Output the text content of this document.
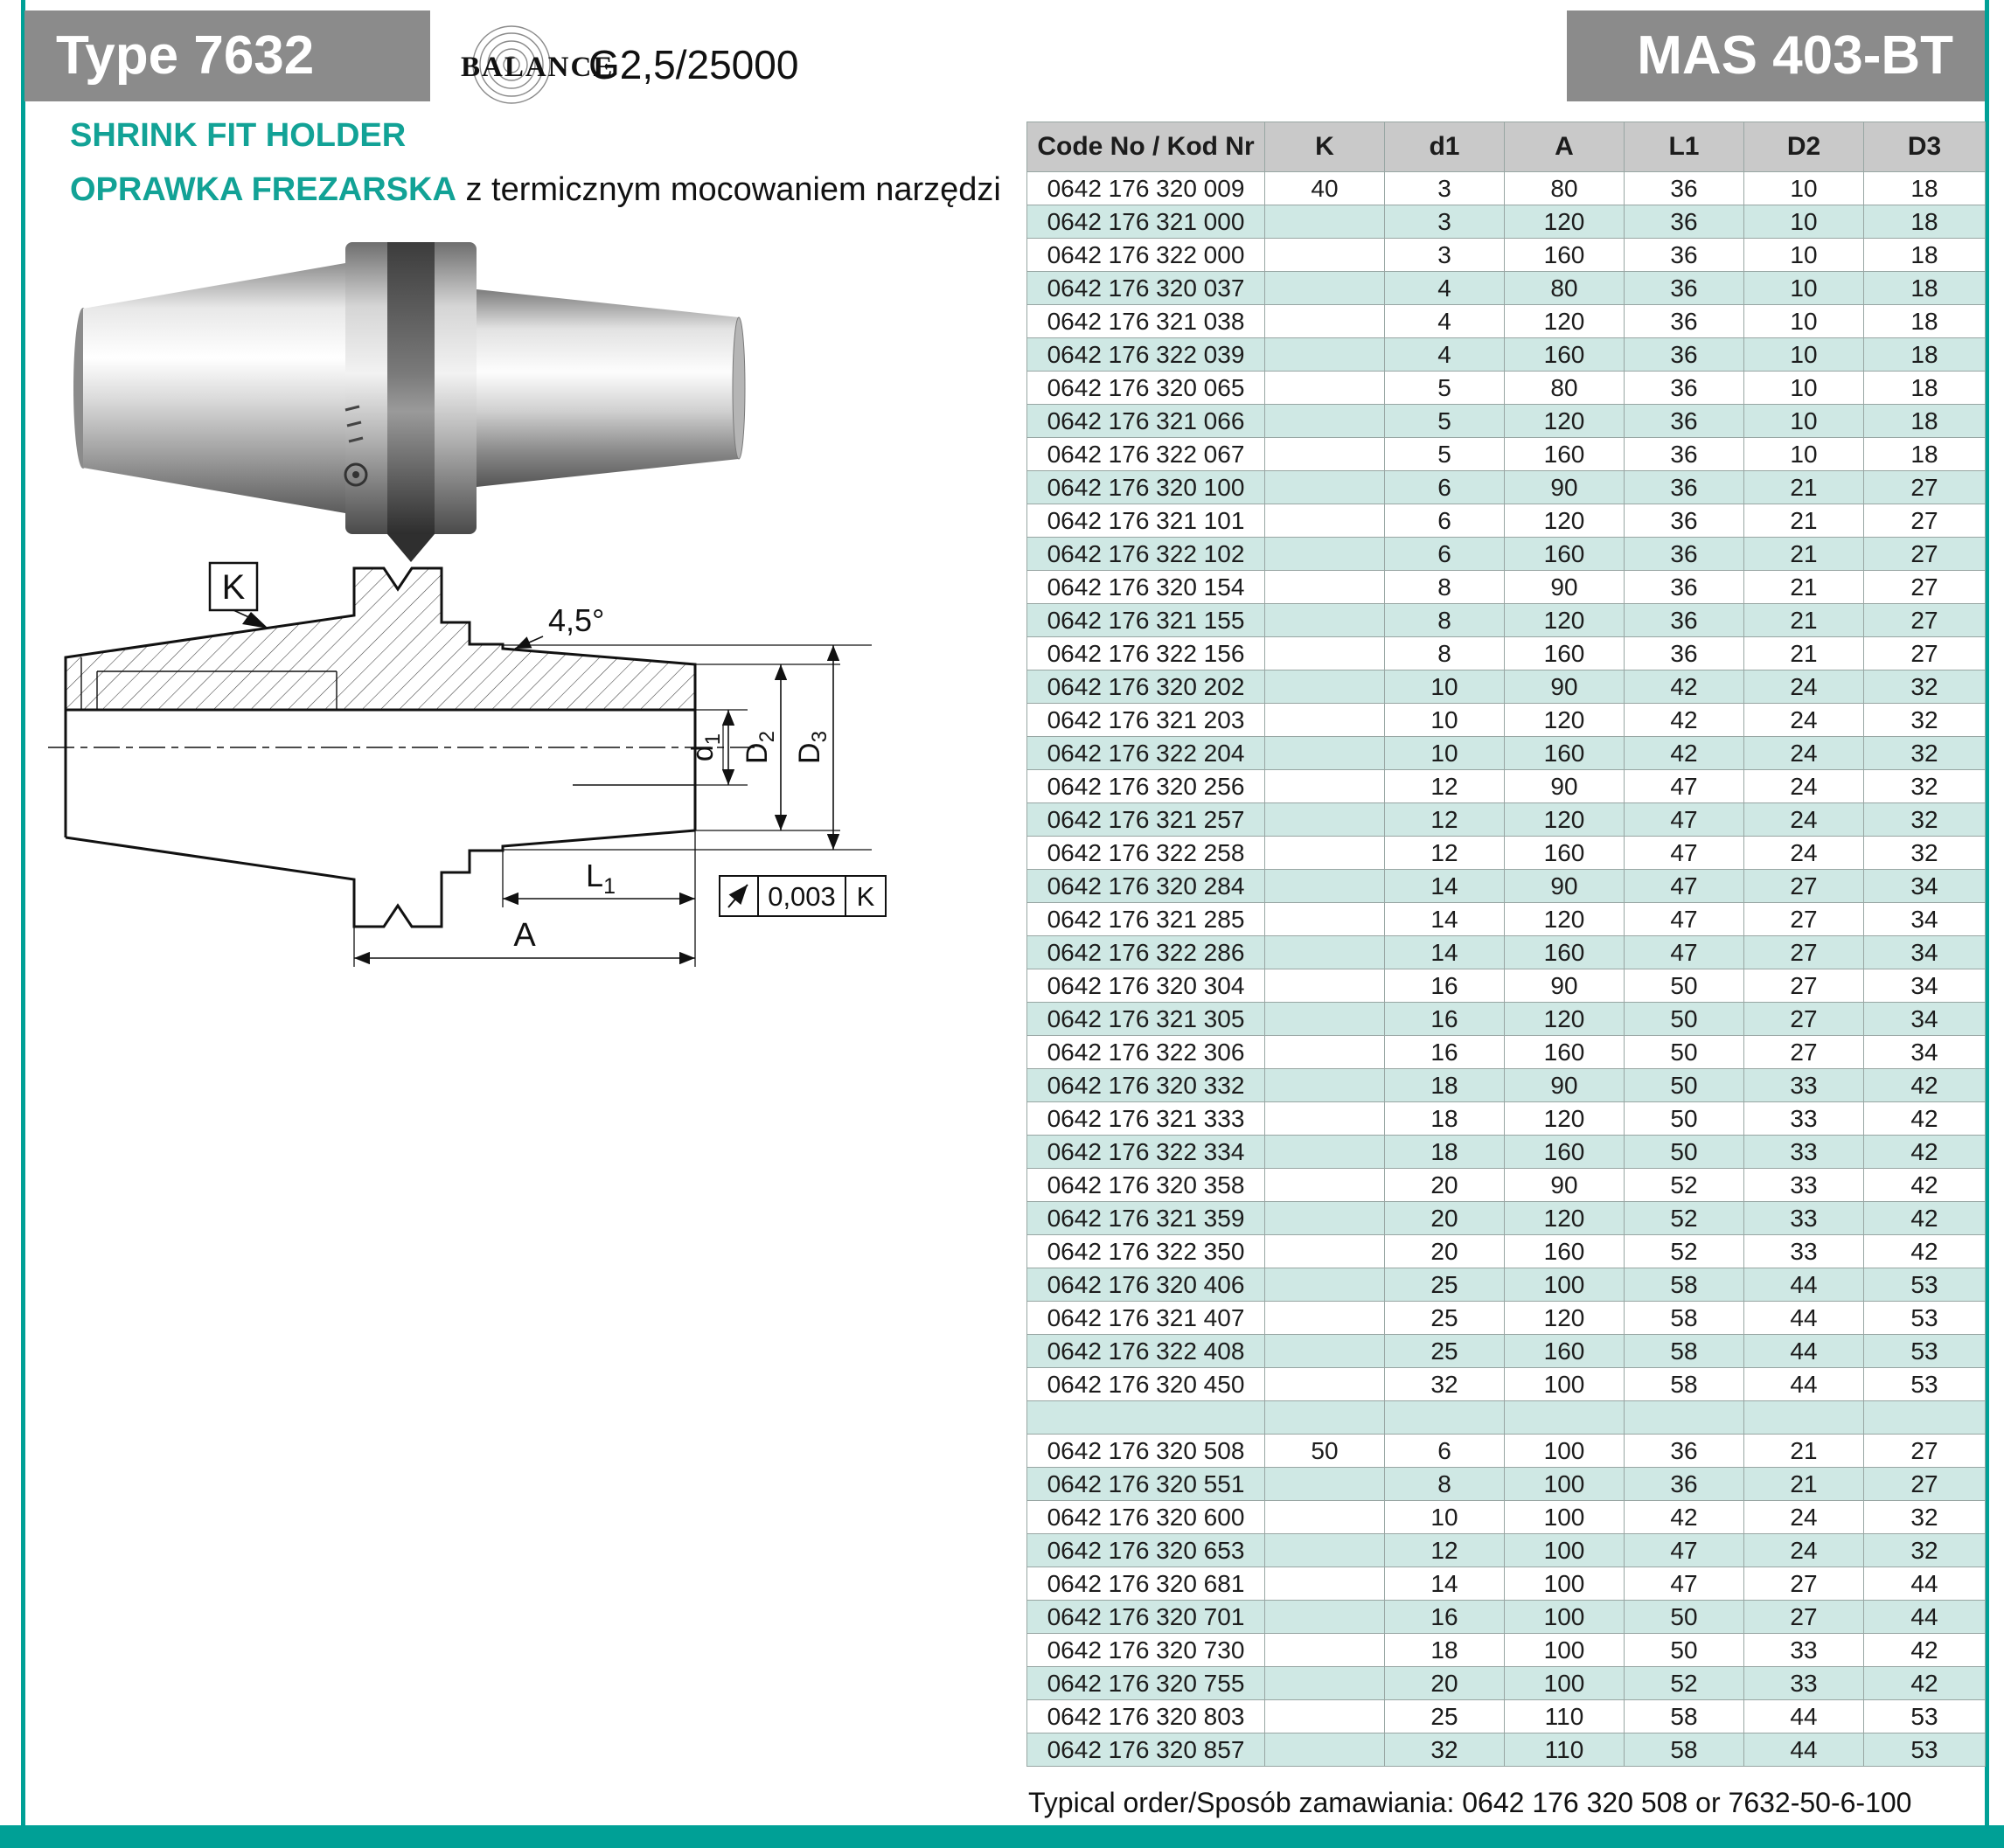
Type 7632	MAS 403-BT
BALANCE
G2,5/25000
SHRINK FIT HOLDER
OPRAWKA FREZARSKA z termicznym mocowaniem narzędzi
K
4,5°
$d_1$
$D_2$
$D_3$
$L_1$
A
0,003 K
Code No / Kod Nr	K	d1	A	L1	D2	D3
0642 176 320 009	40	3	80	36	10	18
0642 176 321 000		3	120	36	10	18
0642 176 322 000		3	160	36	10	18
0642 176 320 037		4	80	36	10	18
0642 176 321 038		4	120	36	10	18
0642 176 322 039		4	160	36	10	18
0642 176 320 065		5	80	36	10	18
0642 176 321 066		5	120	36	10	18
0642 176 322 067		5	160	36	10	18
0642 176 320 100		6	90	36	21	27
0642 176 321 101		6	120	36	21	27
0642 176 322 102		6	160	36	21	27
0642 176 320 154		8	90	36	21	27
0642 176 321 155		8	120	36	21	27
0642 176 322 156		8	160	36	21	27
0642 176 320 202		10	90	42	24	32
0642 176 321 203		10	120	42	24	32
0642 176 322 204		10	160	42	24	32
0642 176 320 256		12	90	47	24	32
0642 176 321 257		12	120	47	24	32
0642 176 322 258		12	160	47	24	32
0642 176 320 284		14	90	47	27	34
0642 176 321 285		14	120	47	27	34
0642 176 322 286		14	160	47	27	34
0642 176 320 304		16	90	50	27	34
0642 176 321 305		16	120	50	27	34
0642 176 322 306		16	160	50	27	34
0642 176 320 332		18	90	50	33	42
0642 176 321 333		18	120	50	33	42
0642 176 322 334		18	160	50	33	42
0642 176 320 358		20	90	52	33	42
0642 176 321 359		20	120	52	33	42
0642 176 322 350		20	160	52	33	42
0642 176 320 406		25	100	58	44	53
0642 176 321 407		25	120	58	44	53
0642 176 322 408		25	160	58	44	53
0642 176 320 450		32	100	58	44	53

0642 176 320 508	50	6	100	36	21	27
0642 176 320 551		8	100	36	21	27
0642 176 320 600		10	100	42	24	32
0642 176 320 653		12	100	47	24	32
0642 176 320 681		14	100	47	27	44
0642 176 320 701		16	100	50	27	44
0642 176 320 730		18	100	50	33	42
0642 176 320 755		20	100	52	33	42
0642 176 320 803		25	110	58	44	53
0642 176 320 857		32	110	58	44	53
Typical order/Sposób zamawiania: 0642 176 320 508 or 7632-50-6-100
